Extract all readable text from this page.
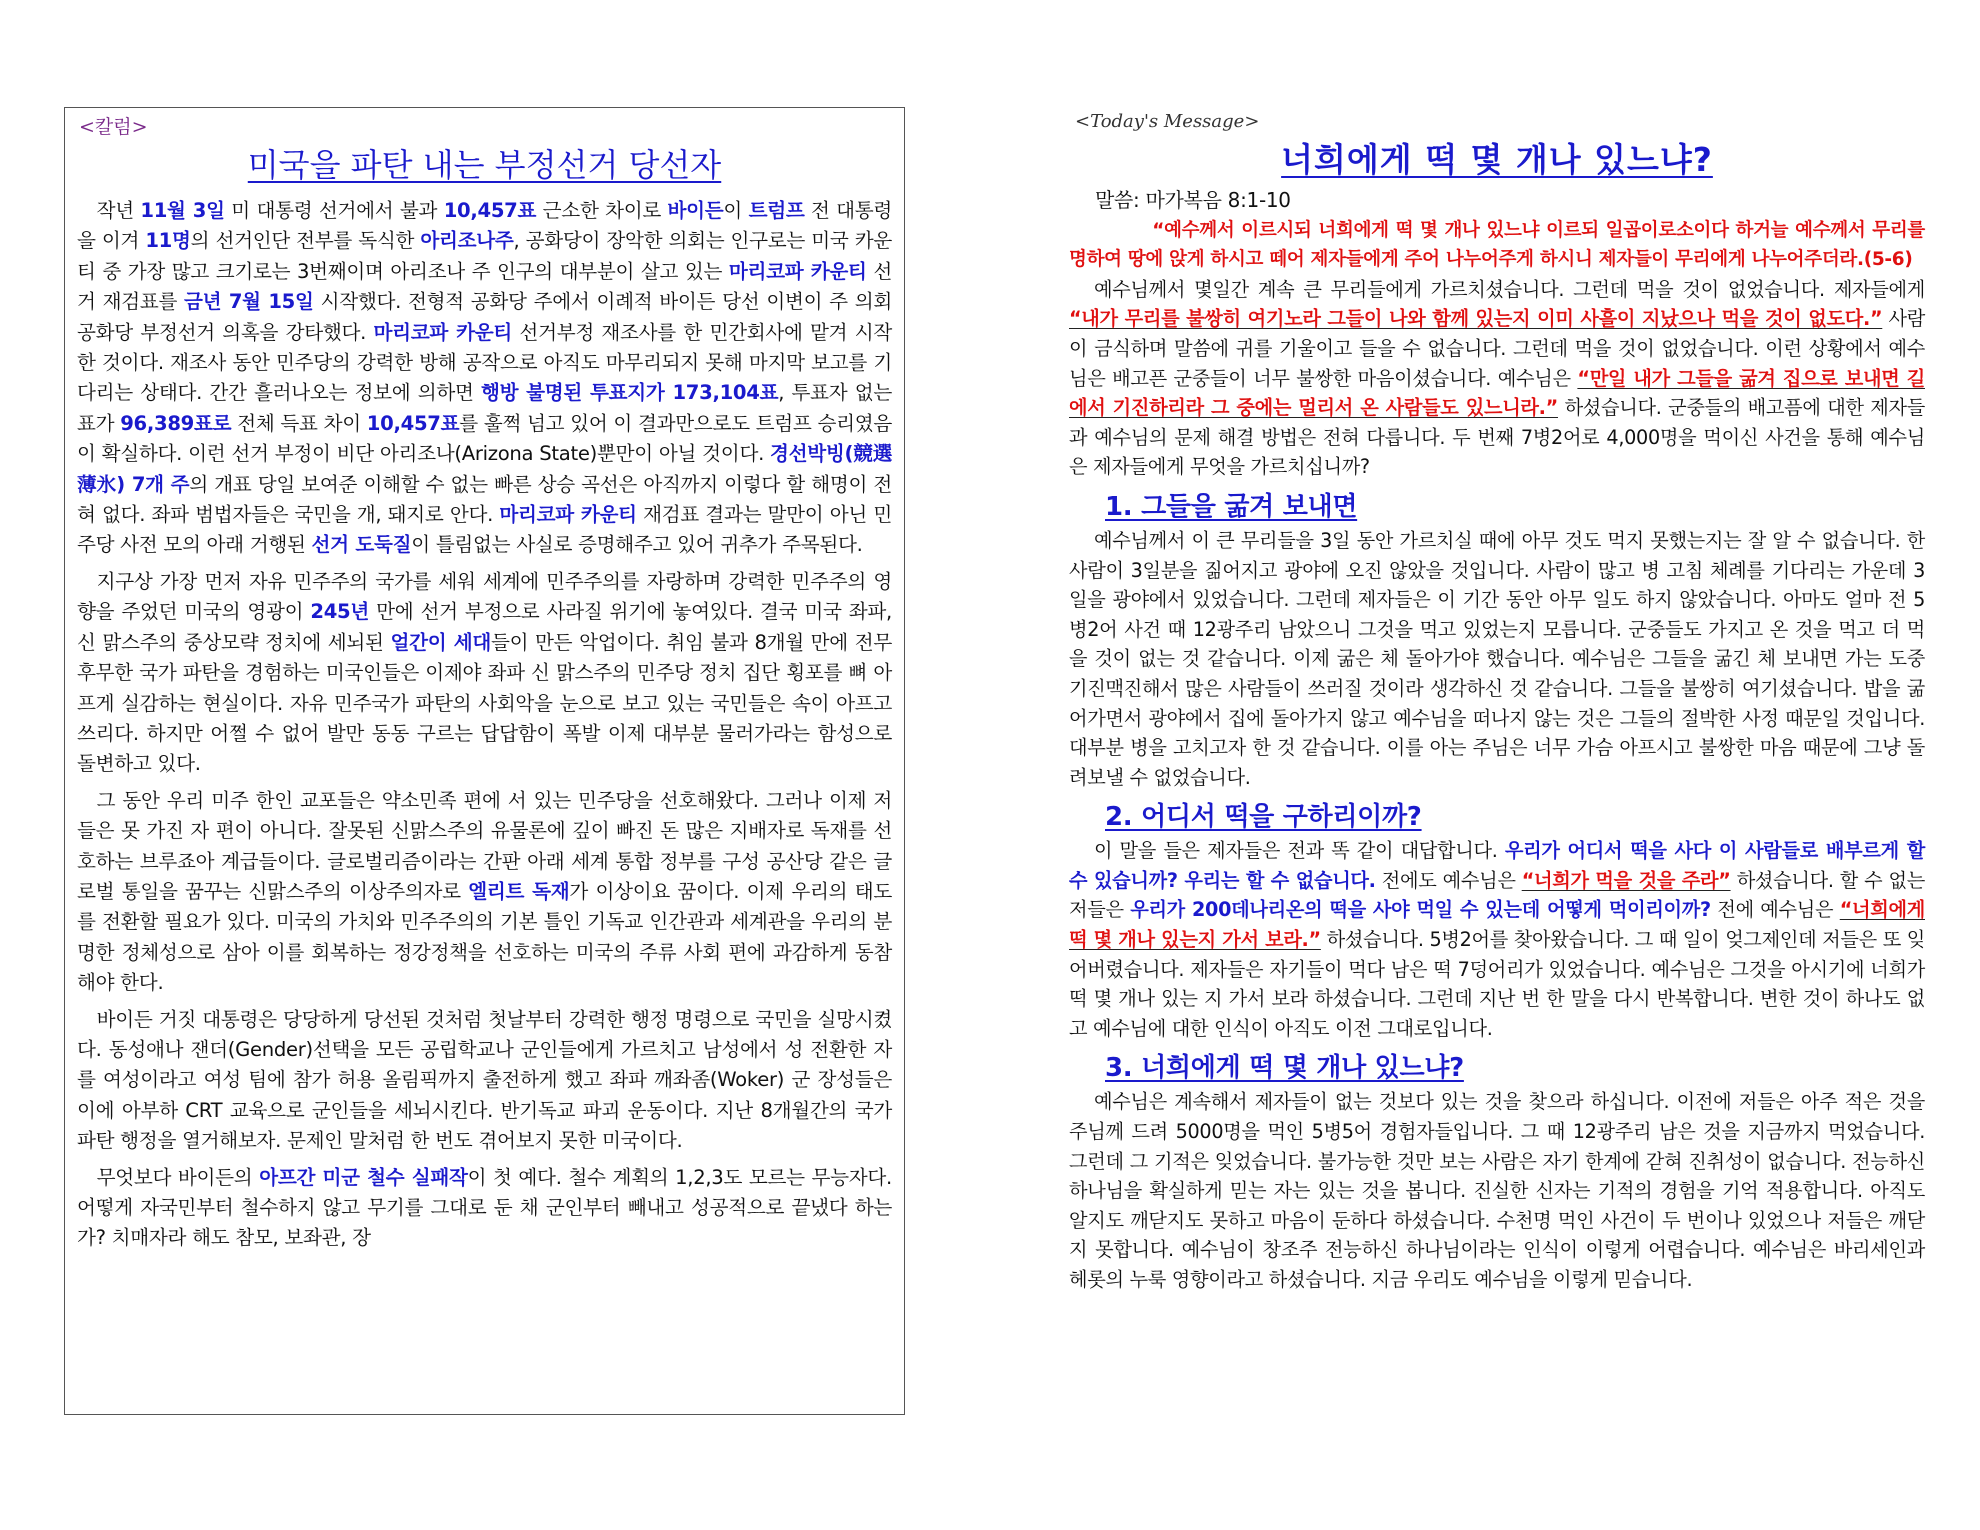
<칼럼>
미국을 파탄 내는 부정선거 당선자

작년 11월 3일 미 대통령 선거에서 불과 10,457표 근소한 차이로 바이든이 트럼프 전 대통령을 이겨 11명의 선거인단 전부를 독식한 아리조나주, 공화당이 장악한 의회는 인구로는 미국 카운티 중 가장 많고 크기로는 3번째이며 아리조나 주 인구의 대부분이 살고 있는 마리코파 카운티 선거 재검표를 금년 7월 15일 시작했다. 전형적 공화당 주에서 이례적 바이든 당선 이변이 주 의회 공화당 부정선거 의혹을 강타했다. 마리코파 카운티 선거부정 재조사를 한 민간회사에 맡겨 시작한 것이다. 재조사 동안 민주당의 강력한 방해 공작으로 아직도 마무리되지 못해 마지막 보고를 기다리는 상태다. 간간 흘러나오는 정보에 의하면 행방 불명된 투표지가 173,104표, 투표자 없는 표가 96,389표로 전체 득표 차이 10,457표를 훌쩍 넘고 있어 이 결과만으로도 트럼프 승리였음이 확실하다. 이런 선거 부정이 비단 아리조나(Arizona State)뿐만이 아닐 것이다. 경선박빙(競選薄氷) 7개 주의 개표 당일 보여준 이해할 수 없는 빠른 상승 곡선은 아직까지 이렇다 할 해명이 전혀 없다. 좌파 범법자들은 국민을 개, 돼지로 안다. 마리코파 카운티 재검표 결과는 말만이 아닌 민주당 사전 모의 아래 거행된 선거 도둑질이 틀림없는 사실로 증명해주고 있어 귀추가 주목된다.

지구상 가장 먼저 자유 민주주의 국가를 세워 세계에 민주주의를 자랑하며 강력한 민주주의 영향을 주었던 미국의 영광이 245년 만에 선거 부정으로 사라질 위기에 놓여있다. 결국 미국 좌파, 신 맑스주의 중상모략 정치에 세뇌된 얼간이 세대들이 만든 악업이다. 취임 불과 8개월 만에 전무후무한 국가 파탄을 경험하는 미국인들은 이제야 좌파 신 맑스주의 민주당 정치 집단 횡포를 뼈 아프게 실감하는 현실이다. 자유 민주국가 파탄의 사회악을 눈으로 보고 있는 국민들은 속이 아프고 쓰리다. 하지만 어쩔 수 없어 발만 동동 구르는 답답함이 폭발 이제 대부분 물러가라는 함성으로 돌변하고 있다.

그 동안 우리 미주 한인 교포들은 약소민족 편에 서 있는 민주당을 선호해왔다. 그러나 이제 저들은 못 가진 자 편이 아니다. 잘못된 신맑스주의 유물론에 깊이 빠진 돈 많은 지배자로 독재를 선호하는 브루죠아 계급들이다. 글로벌리즘이라는 간판 아래 세계 통합 정부를 구성 공산당 같은 글로벌 통일을 꿈꾸는 신맑스주의 이상주의자로 엘리트 독재가 이상이요 꿈이다. 이제 우리의 태도를 전환할 필요가 있다. 미국의 가치와 민주주의의 기본 틀인 기독교 인간관과 세계관을 우리의 분명한 정체성으로 삼아 이를 회복하는 정강정책을 선호하는 미국의 주류 사회 편에 과감하게 동참해야 한다.

바이든 거짓 대통령은 당당하게 당선된 것처럼 첫날부터 강력한 행정 명령으로 국민을 실망시켰다. 동성애나 잰더(Gender)선택을 모든 공립학교나 군인들에게 가르치고 남성에서 성 전환한 자를 여성이라고 여성 팀에 참가 허용 올림픽까지 출전하게 했고 좌파 깨좌좀(Woker) 군 장성들은 이에 아부하 CRT 교육으로 군인들을 세뇌시킨다. 반기독교 파괴 운동이다. 지난 8개월간의 국가 파탄 행정을 열거해보자. 문제인 말처럼 한 번도 겪어보지 못한 미국이다.

무엇보다 바이든의 아프간 미군 철수 실패작이 첫 예다. 철수 계획의 1,2,3도 모르는 무능자다. 어떻게 자국민부터 철수하지 않고 무기를 그대로 둔 채 군인부터 빼내고 성공적으로 끝냈다 하는가? 치매자라 해도 참모, 보좌관, 장

<Today's Message>
너희에게 떡 몇 개나 있느냐?

말씀: 마가복음 8:1-10

“예수께서 이르시되 너희에게 떡 몇 개나 있느냐 이르되 일곱이로소이다 하거늘 예수께서 무리를 명하여 땅에 앉게 하시고 떼어 제자들에게 주어 나누어주게 하시니 제자들이 무리에게 나누어주더라.(5-6)

예수님께서 몇일간 계속 큰 무리들에게 가르치셨습니다. 그런데 먹을 것이 없었습니다. 제자들에게 “내가 무리를 불쌍히 여기노라 그들이 나와 함께 있는지 이미 사흘이 지났으나 먹을 것이 없도다.” 사람이 금식하며 말씀에 귀를 기울이고 들을 수 없습니다. 그런데 먹을 것이 없었습니다. 이런 상황에서 예수님은 배고픈 군중들이 너무 불쌍한 마음이셨습니다. 예수님은 “만일 내가 그들을 굶겨 집으로 보내면 길에서 기진하리라 그 중에는 멀리서 온 사람들도 있느니라.” 하셨습니다. 군중들의 배고픔에 대한 제자들과 예수님의 문제 해결 방법은 전혀 다릅니다. 두 번째 7병2어로 4,000명을 먹이신 사건을 통해 예수님은 제자들에게 무엇을 가르치십니까?

1. 그들을 굶겨 보내면

예수님께서 이 큰 무리들을 3일 동안 가르치실 때에 아무 것도 먹지 못했는지는 잘 알 수 없습니다. 한 사람이 3일분을 짊어지고 광야에 오진 않았을 것입니다. 사람이 많고 병 고침 체례를 기다리는 가운데 3일을 광야에서 있었습니다. 그런데 제자들은 이 기간 동안 아무 일도 하지 않았습니다. 아마도 얼마 전 5병2어 사건 때 12광주리 남았으니 그것을 먹고 있었는지 모릅니다. 군중들도 가지고 온 것을 먹고 더 먹을 것이 없는 것 같습니다. 이제 굶은 체 돌아가야 했습니다. 예수님은 그들을 굶긴 체 보내면 가는 도중 기진맥진해서 많은 사람들이 쓰러질 것이라 생각하신 것 같습니다. 그들을 불쌍히 여기셨습니다. 밥을 굶어가면서 광야에서 집에 돌아가지 않고 예수님을 떠나지 않는 것은 그들의 절박한 사정 때문일 것입니다. 대부분 병을 고치고자 한 것 같습니다. 이를 아는 주님은 너무 가슴 아프시고 불쌍한 마음 때문에 그냥 돌려보낼 수 없었습니다.

2. 어디서 떡을 구하리이까?

이 말을 들은 제자들은 전과 똑 같이 대답합니다. 우리가 어디서 떡을 사다 이 사람들로 배부르게 할 수 있습니까? 우리는 할 수 없습니다. 전에도 예수님은 “너희가 먹을 것을 주라” 하셨습니다. 할 수 없는 저들은 우리가 200데나리온의 떡을 사야 먹일 수 있는데 어떻게 먹이리이까? 전에 예수님은 “너희에게 떡 몇 개나 있는지 가서 보라.” 하셨습니다. 5병2어를 찾아왔습니다. 그 때 일이 엊그제인데 저들은 또 잊어버렸습니다. 제자들은 자기들이 먹다 남은 떡 7덩어리가 있었습니다. 예수님은 그것을 아시기에 너희가 떡 몇 개나 있는 지 가서 보라 하셨습니다. 그런데 지난 번 한 말을 다시 반복합니다. 변한 것이 하나도 없고 예수님에 대한 인식이 아직도 이전 그대로입니다.

3. 너희에게 떡 몇 개나 있느냐?

예수님은 계속해서 제자들이 없는 것보다 있는 것을 찾으라 하십니다. 이전에 저들은 아주 적은 것을 주님께 드려 5000명을 먹인 5병5어 경험자들입니다. 그 때 12광주리 남은 것을 지금까지 먹었습니다. 그런데 그 기적은 잊었습니다. 불가능한 것만 보는 사람은 자기 한계에 갇혀 진취성이 없습니다. 전능하신 하나님을 확실하게 믿는 자는 있는 것을 봅니다. 진실한 신자는 기적의 경험을 기억 적용합니다. 아직도 알지도 깨닫지도 못하고 마음이 둔하다 하셨습니다. 수천명 먹인 사건이 두 번이나 있었으나 저들은 깨닫지 못합니다. 예수님이 창조주 전능하신 하나님이라는 인식이 이렇게 어렵습니다. 예수님은 바리세인과 헤롯의 누룩 영향이라고 하셨습니다. 지금 우리도 예수님을 이렇게 믿습니다.
